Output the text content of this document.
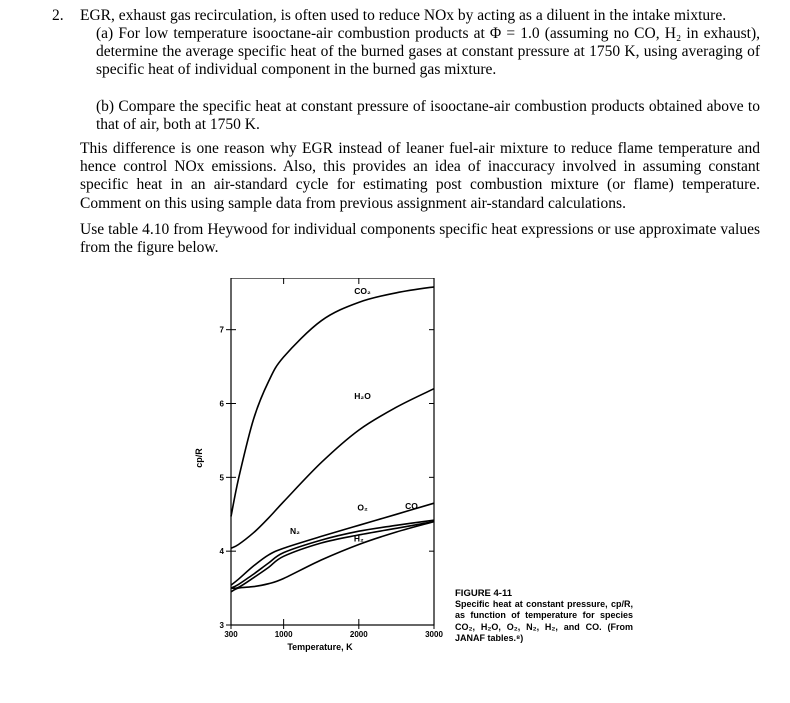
2. EGR, exhaust gas recirculation, is often used to reduce NOx by acting as a diluent in the intake mixture.

(a) For low temperature isooctane-air combustion products at Φ = 1.0 (assuming no CO, H₂ in exhaust), determine the average specific heat of the burned gases at constant pressure at 1750 K, using averaging of specific heat of individual component in the burned gas mixture.

(b) Compare the specific heat at constant pressure of isooctane-air combustion products obtained above to that of air, both at 1750 K.

This difference is one reason why EGR instead of leaner fuel-air mixture to reduce flame temperature and hence control NOx emissions. Also, this provides an idea of inaccuracy involved in assuming constant specific heat in an air-standard cycle for estimating post combustion mixture (or flame) temperature. Comment on this using sample data from previous assignment air-standard calculations.

Use table 4.10 from Heywood for individual components specific heat expressions or use approximate values from the figure below.

3
4
5
6
7
300	1000	2000	3000
CO₂
H₂O
O₂	CO
N₂
H₂
Temperature, K
cp/R
FIGURE 4-11
Specific heat at constant pressure, cp/R, as function of temperature for species CO₂, H₂O, O₂, N₂, H₂, and CO. (From JANAF tables.⁸)
